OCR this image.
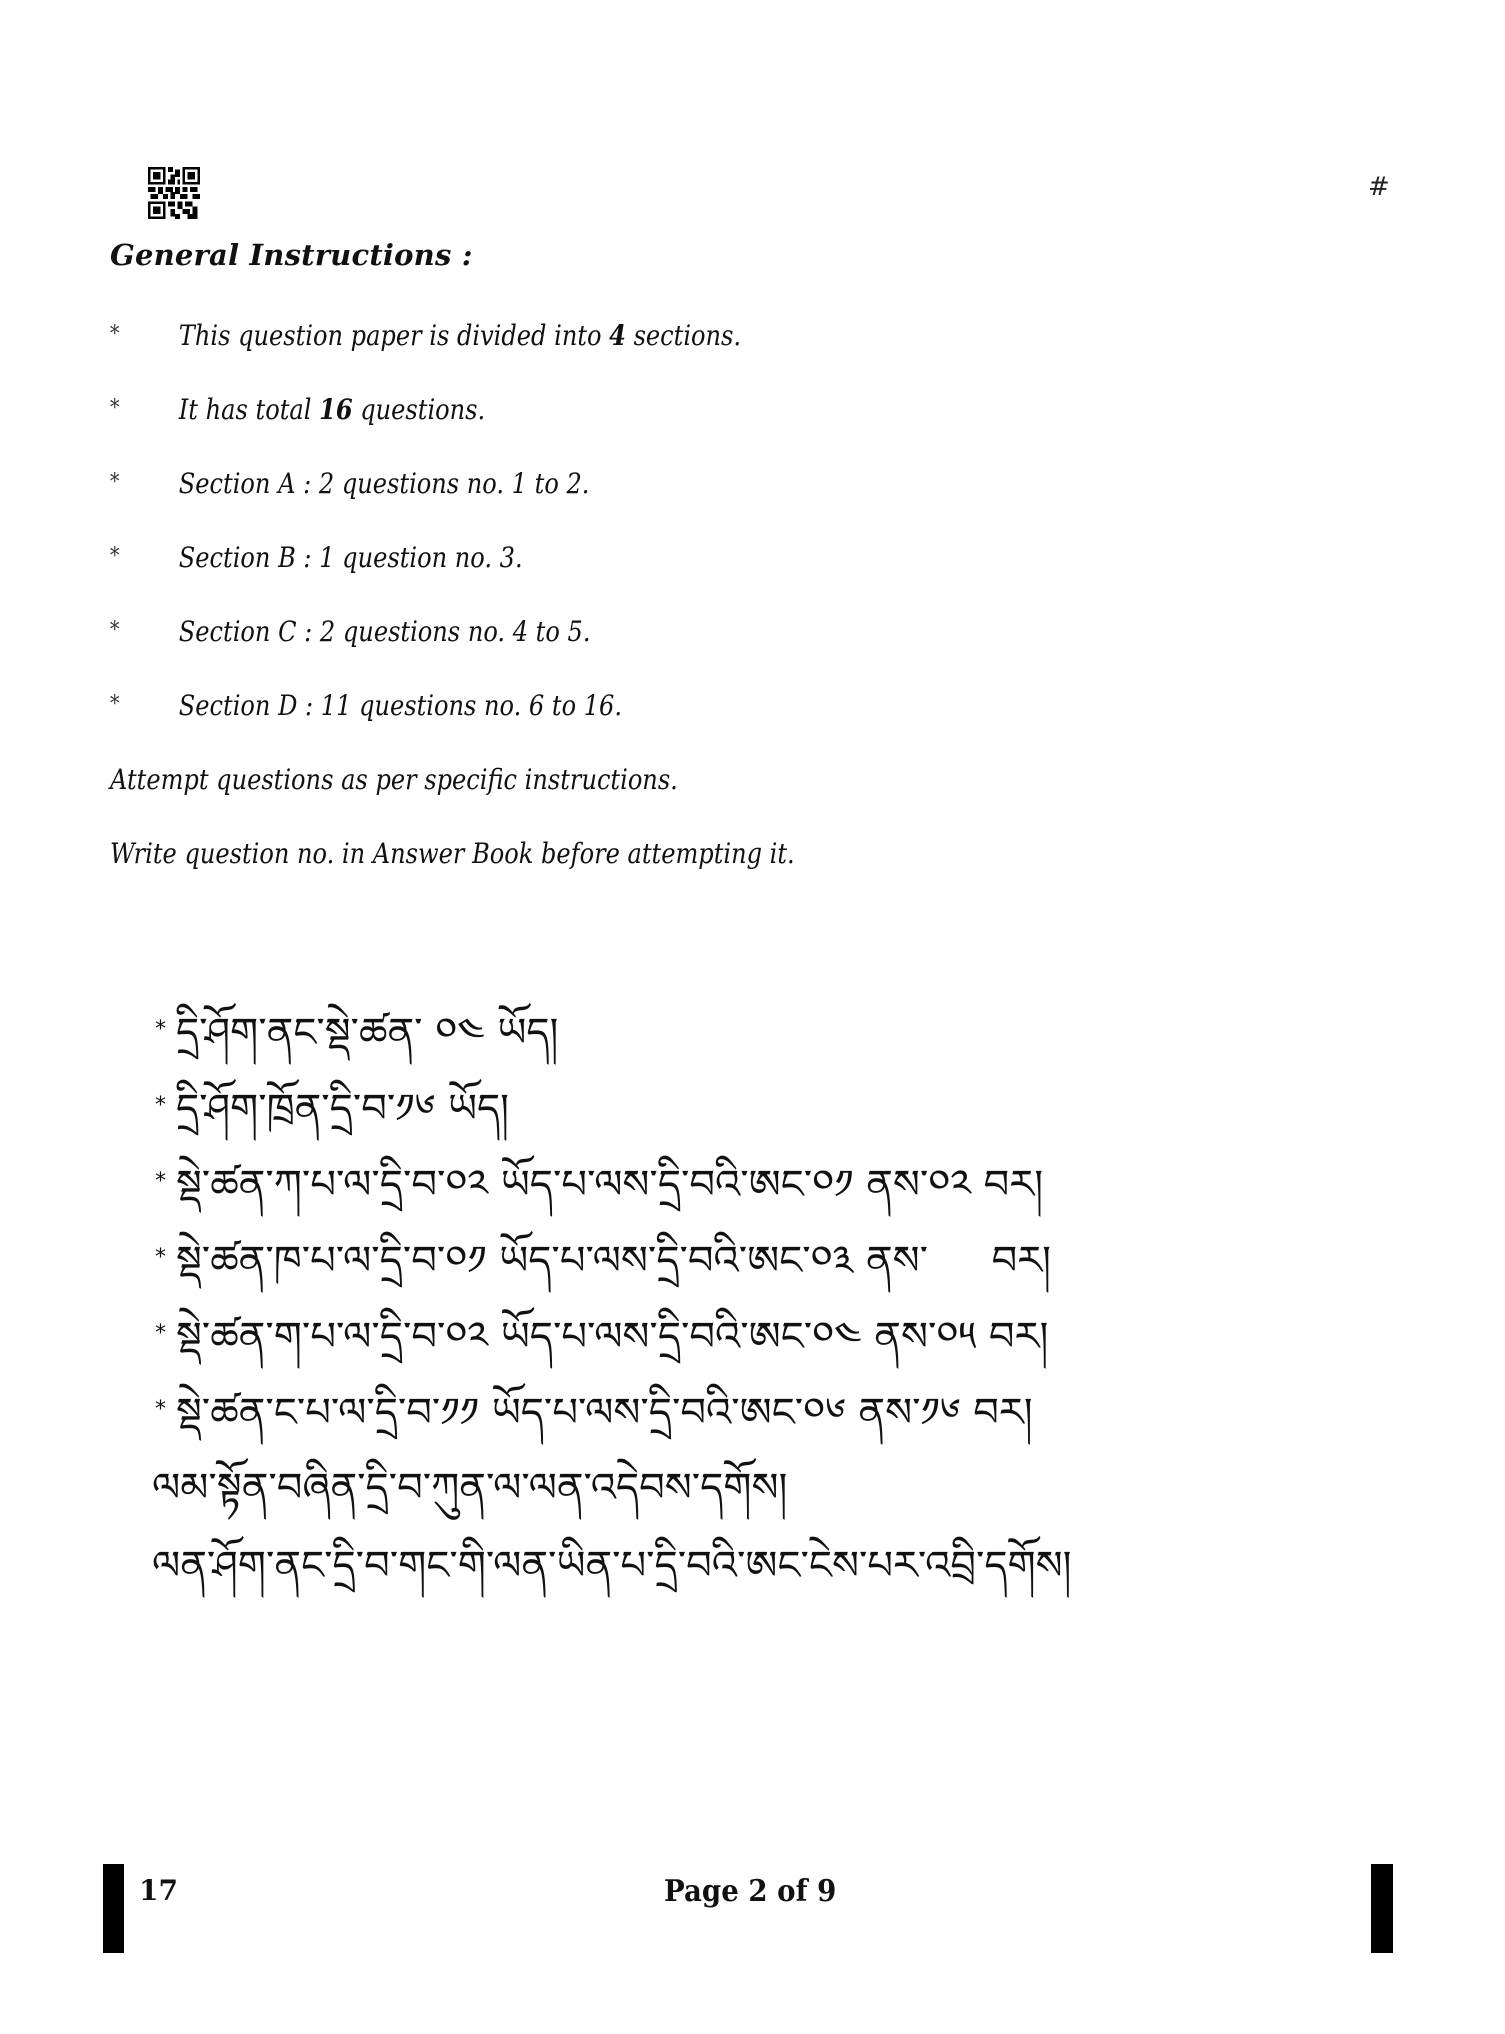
#
General Instructions :
* This question paper is divided into 4 sections.
* It has total 16 questions.
* Section A : 2 questions no. 1 to 2.
* Section B : 1 question no. 3.
* Section C : 2 questions no. 4 to 5.
* Section D : 11 questions no. 6 to 16.
Attempt questions as per specific instructions.
Write question no. in Answer Book before attempting it.
* དྲི་ཤོག་ནང་སྡེ་ཚན་ ༠༤ ཡོད།
* དྲི་ཤོག་ཁྲོན་དྲི་བ་༡༦ ཡོད།
* སྡེ་ཚན་ཀ་པ་ལ་དྲི་བ་༠༢ ཡོད་པ་ལས་དྲི་བའི་ཨང་༠༡ ནས་༠༢ བར།
* སྡེ་ཚན་ཁ་པ་ལ་དྲི་བ་༠༡ ཡོད་པ་ལས་དྲི་བའི་ཨང་༠༣ ནས་     བར།
* སྡེ་ཚན་ག་པ་ལ་དྲི་བ་༠༢ ཡོད་པ་ལས་དྲི་བའི་ཨང་༠༤ ནས་༠༥ བར།
* སྡེ་ཚན་ང་པ་ལ་དྲི་བ་༡༡ ཡོད་པ་ལས་དྲི་བའི་ཨང་༠༦ ནས་༡༦ བར།
ལམ་སྟོན་བཞིན་དྲི་བ་ཀུན་ལ་ལན་འདེབས་དགོས།
ལན་ཤོག་ནང་དྲི་བ་གང་གི་ལན་ཡིན་པ་དྲི་བའི་ཨང་ངེས་པར་འབྲི་དགོས།
17	Page 2 of 9
